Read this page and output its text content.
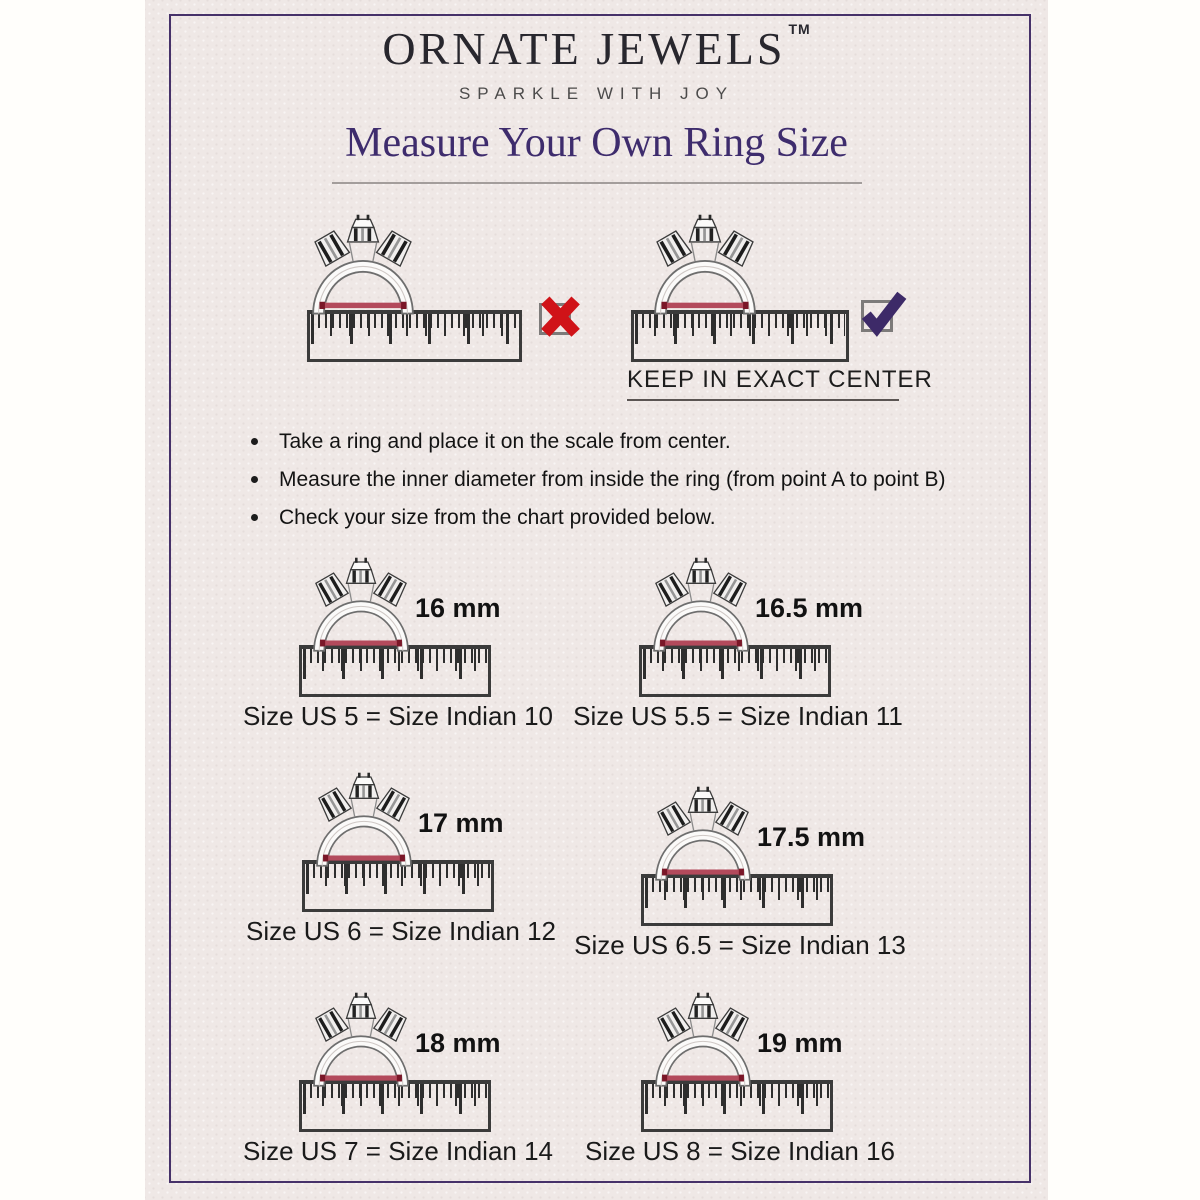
ORNATE JEWELS ™
SPARKLE WITH JOY
Measure Your Own Ring Size
KEEP IN EXACT CENTER
Take a ring and place it on the scale from center.
Measure the inner diameter from inside the ring (from point A to point B)
Check your size from the chart provided below.
16 mm
Size US 5 = Size Indian 10
16.5 mm
Size US 5.5 = Size Indian 11
17 mm
Size US 6 = Size Indian 12
17.5 mm
Size US 6.5 = Size Indian 13
18 mm
Size US 7 = Size Indian 14
19 mm
Size US 8 = Size Indian 16
